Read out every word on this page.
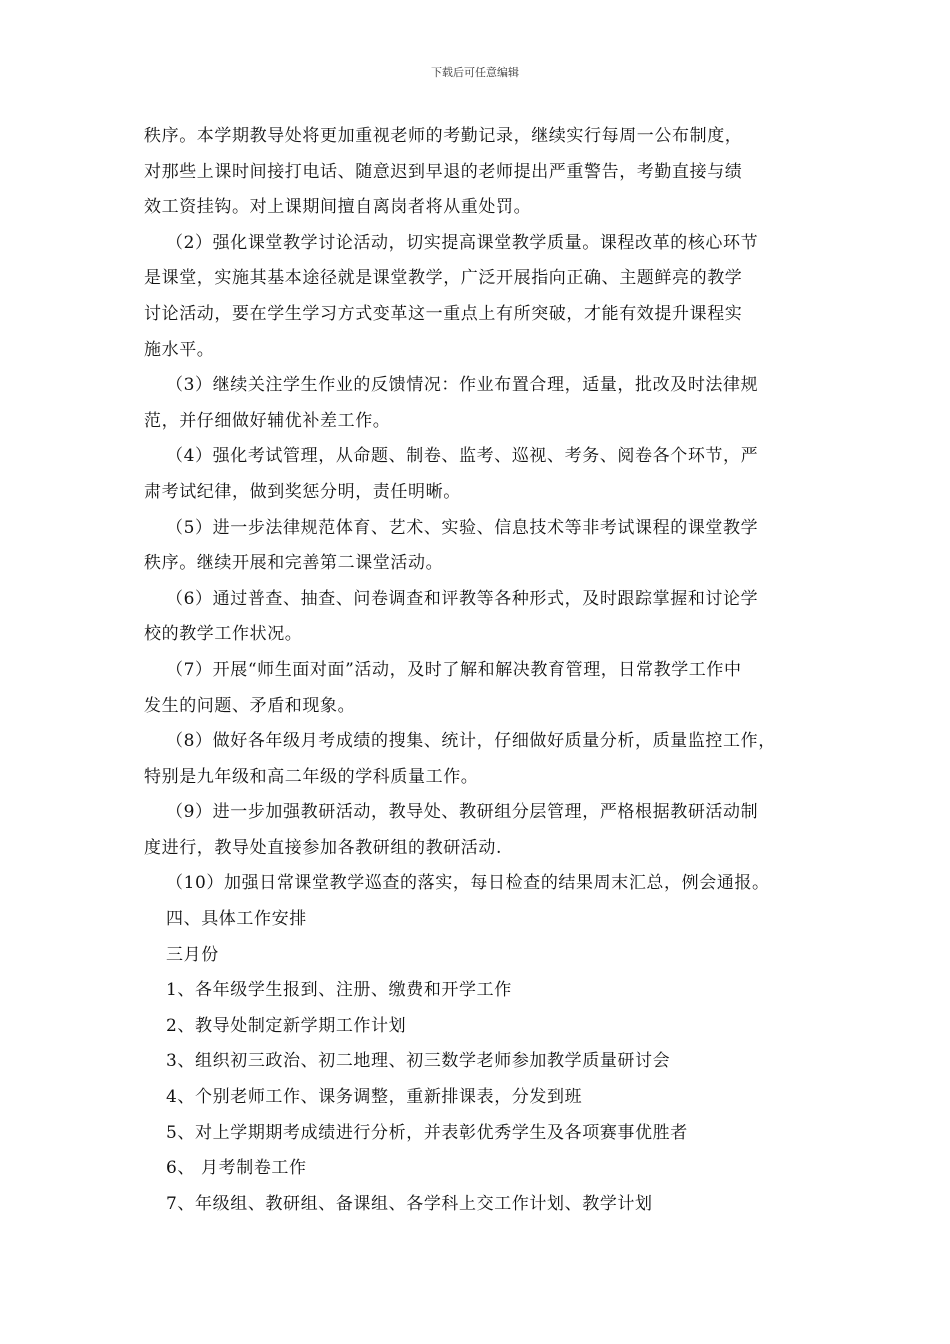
下载后可任意编辑
秩序。本学期教导处将更加重视老师的考勤记录，继续实行每周一公布制度，
对那些上课时间接打电话、随意迟到早退的老师提出严重警告，考勤直接与绩
效工资挂钩。对上课期间擅自离岗者将从重处罚。
（2）强化课堂教学讨论活动，切实提高课堂教学质量。课程改革的核心环节
是课堂，实施其基本途径就是课堂教学，广泛开展指向正确、主题鲜亮的教学
讨论活动，要在学生学习方式变革这一重点上有所突破，才能有效提升课程实
施水平。
（3）继续关注学生作业的反馈情况：作业布置合理，适量，批改及时法律规
范，并仔细做好辅优补差工作。
（4）强化考试管理，从命题、制卷、监考、巡视、考务、阅卷各个环节，严
肃考试纪律，做到奖惩分明，责任明晰。
（5）进一步法律规范体育、艺术、实验、信息技术等非考试课程的课堂教学
秩序。继续开展和完善第二课堂活动。
（6）通过普查、抽查、问卷调查和评教等各种形式，及时跟踪掌握和讨论学
校的教学工作状况。
（7）开展“师生面对面”活动，及时了解和解决教育管理，日常教学工作中
发生的问题、矛盾和现象。
（8）做好各年级月考成绩的搜集、统计，仔细做好质量分析，质量监控工作，
特别是九年级和高二年级的学科质量工作。
（9）进一步加强教研活动，教导处、教研组分层管理，严格根据教研活动制
度进行，教导处直接参加各教研组的教研活动.
（10）加强日常课堂教学巡查的落实，每日检查的结果周末汇总，例会通报。
四、具体工作安排
三月份
1、各年级学生报到、注册、缴费和开学工作
2、教导处制定新学期工作计划
3、组织初三政治、初二地理、初三数学老师参加教学质量研讨会
4、个别老师工作、课务调整，重新排课表，分发到班
5、对上学期期考成绩进行分析，并表彰优秀学生及各项赛事优胜者
6、 月考制卷工作
7、年级组、教研组、备课组、各学科上交工作计划、教学计划
